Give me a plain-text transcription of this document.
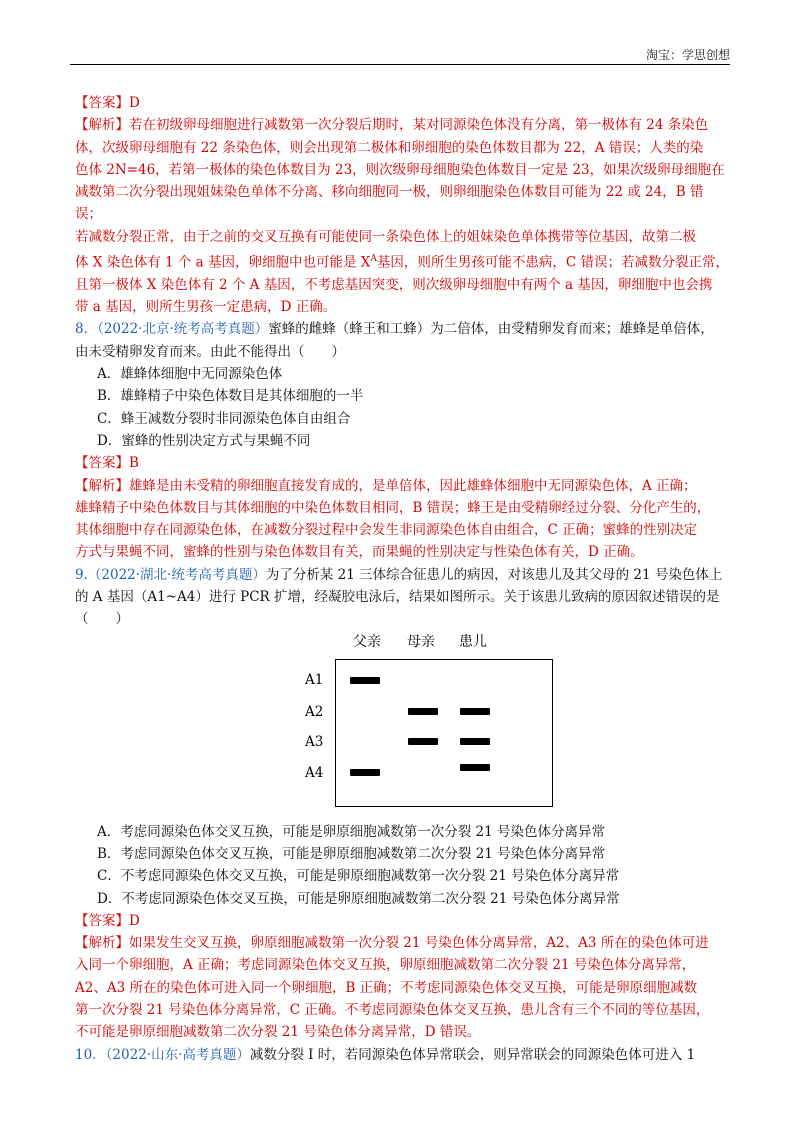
淘宝：学思创想
【答案】D
【解析】若在初级卵母细胞进行减数第一次分裂后期时，某对同源染色体没有分离，第一极体有 24 条染色
体，次级卵母细胞有 22 条染色体，则会出现第二极体和卵细胞的染色体数目都为 22，A 错误；人类的染
色体 2N=46，若第一极体的染色体数目为 23，则次级卵母细胞染色体数目一定是 23，如果次级卵母细胞在
减数第二次分裂出现姐妹染色单体不分离、移向细胞同一极，则卵细胞染色体数目可能为 22 或 24，B 错
误；
若减数分裂正常，由于之前的交叉互换有可能使同一条染色体上的姐妹染色单体携带等位基因，故第二极
体 X 染色体有 1 个 a 基因，卵细胞中也可能是 $X^A$基因，则所生男孩可能不患病，C 错误；若减数分裂正常，
且第一极体 X 染色体有 2 个 A 基因，不考虑基因突变，则次级卵母细胞中有两个 a 基因，卵细胞中也会携
带 a 基因，则所生男孩一定患病，D 正确。
8．（2022·北京·统考高考真题）蜜蜂的雌蜂（蜂王和工蜂）为二倍体，由受精卵发育而来；雄蜂是单倍体，
由未受精卵发育而来。由此不能得出（　　）
A．雄蜂体细胞中无同源染色体
B．雄蜂精子中染色体数目是其体细胞的一半
C．蜂王减数分裂时非同源染色体自由组合
D．蜜蜂的性别决定方式与果蝇不同
【答案】B
【解析】雄蜂是由未受精的卵细胞直接发育成的，是单倍体，因此雄蜂体细胞中无同源染色体，A 正确；
雄蜂精子中染色体数目与其体细胞的中染色体数目相同，B 错误；蜂王是由受精卵经过分裂、分化产生的，
其体细胞中存在同源染色体，在减数分裂过程中会发生非同源染色体自由组合，C 正确；蜜蜂的性别决定
方式与果蝇不同，蜜蜂的性别与染色体数目有关，而果蝇的性别决定与性染色体有关，D 正确。
9.（2022·湖北·统考高考真题）为了分析某 21 三体综合征患儿的病因，对该患儿及其父母的 21 号染色体上
的 A 基因（A1~A4）进行 PCR 扩增，经凝胶电泳后，结果如图所示。关于该患儿致病的原因叙述错误的是
（　　）
父亲 母亲 患儿
A1
A2
A3
A4
A．考虑同源染色体交叉互换，可能是卵原细胞减数第一次分裂 21 号染色体分离异常
B．考虑同源染色体交叉互换，可能是卵原细胞减数第二次分裂 21 号染色体分离异常
C．不考虑同源染色体交叉互换，可能是卵原细胞减数第一次分裂 21 号染色体分离异常
D．不考虑同源染色体交叉互换，可能是卵原细胞减数第二次分裂 21 号染色体分离异常
【答案】D
【解析】如果发生交叉互换，卵原细胞减数第一次分裂 21 号染色体分离异常，A2、A3 所在的染色体可进
入同一个卵细胞，A 正确；考虑同源染色体交叉互换，卵原细胞减数第二次分裂 21 号染色体分离异常，
A2、A3 所在的染色体可进入同一个卵细胞，B 正确；不考虑同源染色体交叉互换，可能是卵原细胞减数
第一次分裂 21 号染色体分离异常，C 正确。不考虑同源染色体交叉互换，患儿含有三个不同的等位基因，
不可能是卵原细胞减数第二次分裂 21 号染色体分离异常，D 错误。
10．（2022·山东·高考真题）减数分裂 I 时，若同源染色体异常联会，则异常联会的同源染色体可进入 1
